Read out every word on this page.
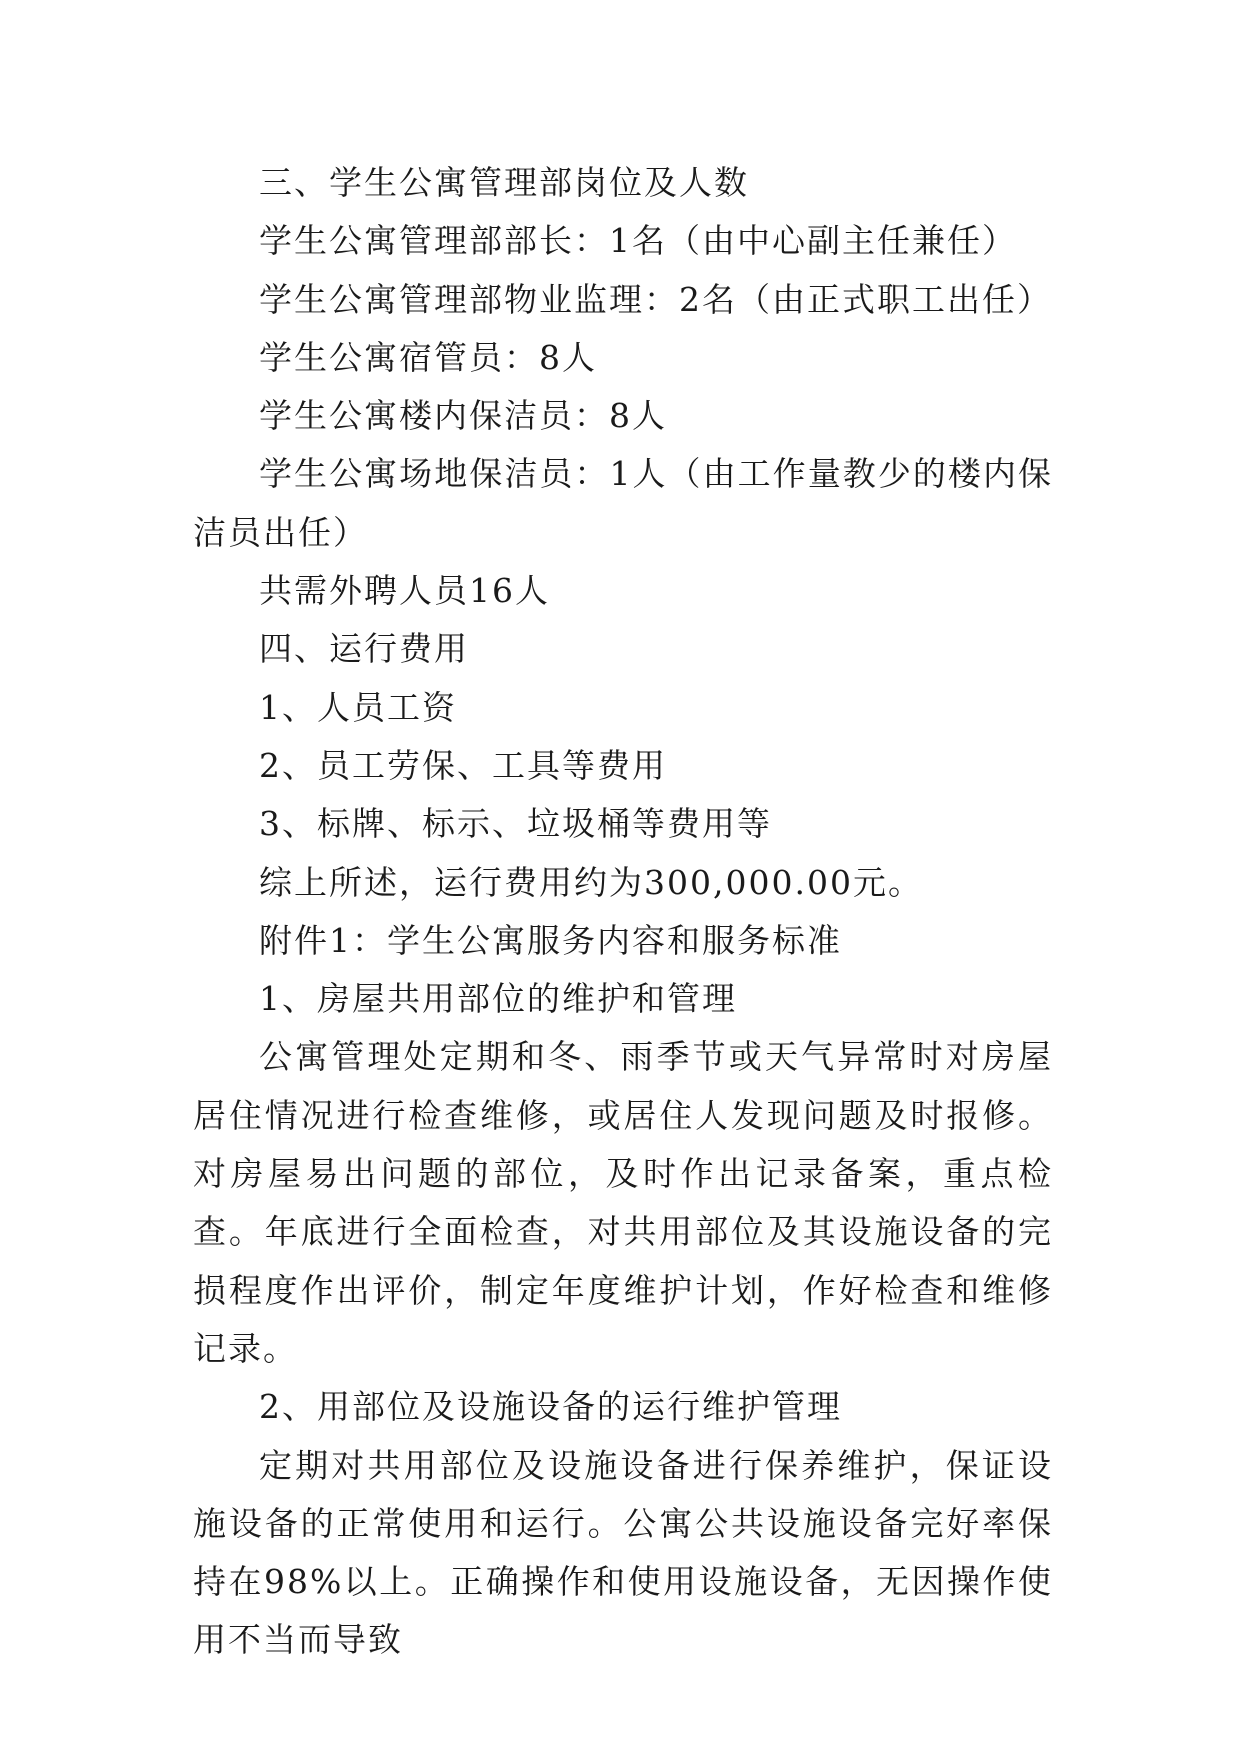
三、学生公寓管理部岗位及人数

学生公寓管理部部长：1名（由中心副主任兼任）

学生公寓管理部物业监理：2名（由正式职工出任）

学生公寓宿管员：8人

学生公寓楼内保洁员：8人

学生公寓场地保洁员：1人（由工作量教少的楼内保洁员出任）

共需外聘人员16人

四、运行费用

1、人员工资

2、员工劳保、工具等费用

3、标牌、标示、垃圾桶等费用等

综上所述，运行费用约为300,000.00元。

附件1：学生公寓服务内容和服务标准

1、房屋共用部位的维护和管理

公寓管理处定期和冬、雨季节或天气异常时对房屋居住情况进行检查维修，或居住人发现问题及时报修。对房屋易出问题的部位，及时作出记录备案，重点检查。年底进行全面检查，对共用部位及其设施设备的完损程度作出评价，制定年度维护计划，作好检查和维修记录。

2、用部位及设施设备的运行维护管理

定期对共用部位及设施设备进行保养维护，保证设施设备的正常使用和运行。公寓公共设施设备完好率保持在98%以上。正确操作和使用设施设备，无因操作使用不当而导致
